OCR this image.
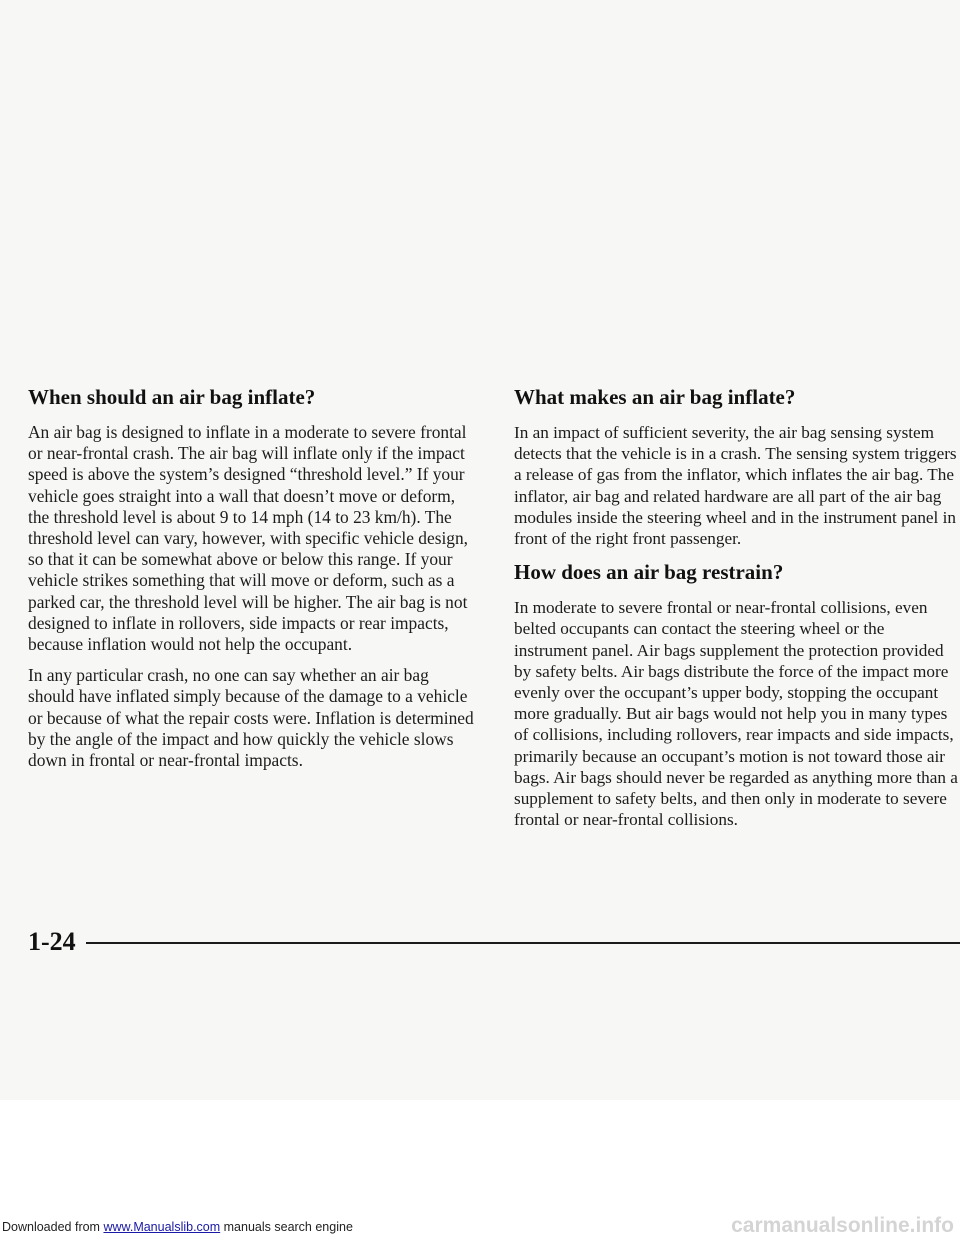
When should an air bag inflate?

An air bag is designed to inflate in a moderate to severe frontal or near-frontal crash. The air bag will inflate only if the impact speed is above the system’s designed “threshold level.” If your vehicle goes straight into a wall that doesn’t move or deform, the threshold level is about 9 to 14 mph (14 to 23 km/h). The threshold level can vary, however, with specific vehicle design, so that it can be somewhat above or below this range. If your vehicle strikes something that will move or deform, such as a parked car, the threshold level will be higher. The air bag is not designed to inflate in rollovers, side impacts or rear impacts, because inflation would not help the occupant.

In any particular crash, no one can say whether an air bag should have inflated simply because of the damage to a vehicle or because of what the repair costs were. Inflation is determined by the angle of the impact and how quickly the vehicle slows down in frontal or near-frontal impacts.

What makes an air bag inflate?

In an impact of sufficient severity, the air bag sensing system detects that the vehicle is in a crash. The sensing system triggers a release of gas from the inflator, which inflates the air bag. The inflator, air bag and related hardware are all part of the air bag modules inside the steering wheel and in the instrument panel in front of the right front passenger.

How does an air bag restrain?

In moderate to severe frontal or near-frontal collisions, even belted occupants can contact the steering wheel or the instrument panel. Air bags supplement the protection provided by safety belts. Air bags distribute the force of the impact more evenly over the occupant’s upper body, stopping the occupant more gradually. But air bags would not help you in many types of collisions, including rollovers, rear impacts and side impacts, primarily because an occupant’s motion is not toward those air bags. Air bags should never be regarded as anything more than a supplement to safety belts, and then only in moderate to severe frontal or near-frontal collisions.

1-24
Downloaded from www.Manualslib.com manuals search engine	carmanualsonline.info
